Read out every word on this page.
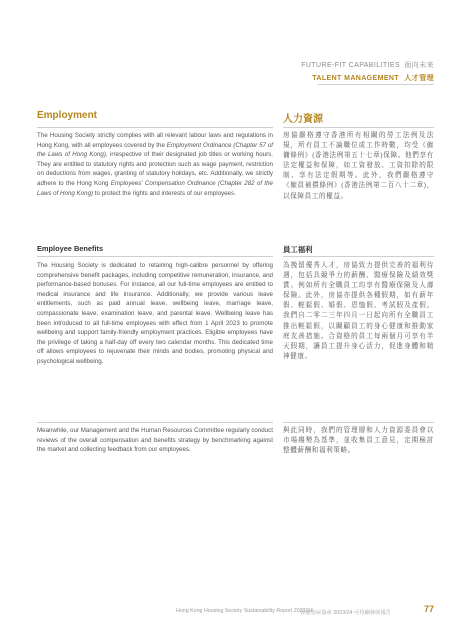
FUTURE-FIT CAPABILITIES 面向未來
TALENT MANAGEMENT 人才管理
Employment	人力資源
The Housing Society strictly complies with all relevant labour laws and regulations in Hong Kong, with all employees covered by the Employment Ordinance (Chapter 57 of the Laws of Hong Kong), irrespective of their designated job titles or working hours. They are entitled to statutory rights and protection such as wage payment, restriction on deductions from wages, granting of statutory holidays, etc. Additionally, we strictly adhere to the Hong Kong Employees' Compensation Ordinance (Chapter 282 of the Laws of Hong Kong) to protect the rights and interests of our employees.
房協嚴格遵守香港所有相關的勞工法例及法規，所有員工不論職位或工作時數，均受《僱傭條例》(香港法例第五十七章)保障。他們享有法定權益和保障，如工資發放、工資扣除的限制、享有法定假期等。此外，我們嚴格遵守《僱員補償條例》(香港法例第二百八十二章)，以保障員工的權益。
Employee Benefits	員工福利
The Housing Society is dedicated to retaining high-calibre personnel by offering comprehensive benefit packages, including competitive remuneration, insurance, and performance-based bonuses. For instance, all our full-time employees are entitled to medical insurance and life insurance. Additionally, we provide various leave entitlements, such as paid annual leave, wellbeing leave, marriage leave, compassionate leave, examination leave, and parental leave. Wellbeing leave has been introduced to all full-time employees with effect from 1 April 2023 to promote wellbeing and support family-friendly employment practices. Eligible employees have the privilege of taking a half-day off every two calendar months. This dedicated time off allows employees to rejuvenate their minds and bodies, promoting physical and psychological wellbeing.
為挽留優秀人才，房協致力提供完善的福利待遇，包括具競爭力的薪酬、醫療保險及績效獎賞。例如所有全職員工均享有醫療保險及人壽保險。此外，房協亦提供各種假期，如有薪年假、輕鬆假、婚假、恩恤假、考試假及產假。我們自二零二三年四月一日起向所有全職員工推出輕鬆假，以關顧員工的身心健康和推動家庭友善措施。合資格的員工每兩個月可享有半天假期，讓員工提升身心活力，促進身體和精神健康。
Meanwhile, our Management and the Human Resources Committee regularly conduct reviews of the overall compensation and benefits strategy by benchmarking against the market and collecting feedback from our employees.
與此同時，我們的管理層和人力資源委員會以市場趨勢為基準，並收集員工意見，定期檢討整體薪酬和福利策略。
Hong Kong Housing Society Sustainability Report 2023/24
香港房屋協會 2023/24 可持續發展報告	77
